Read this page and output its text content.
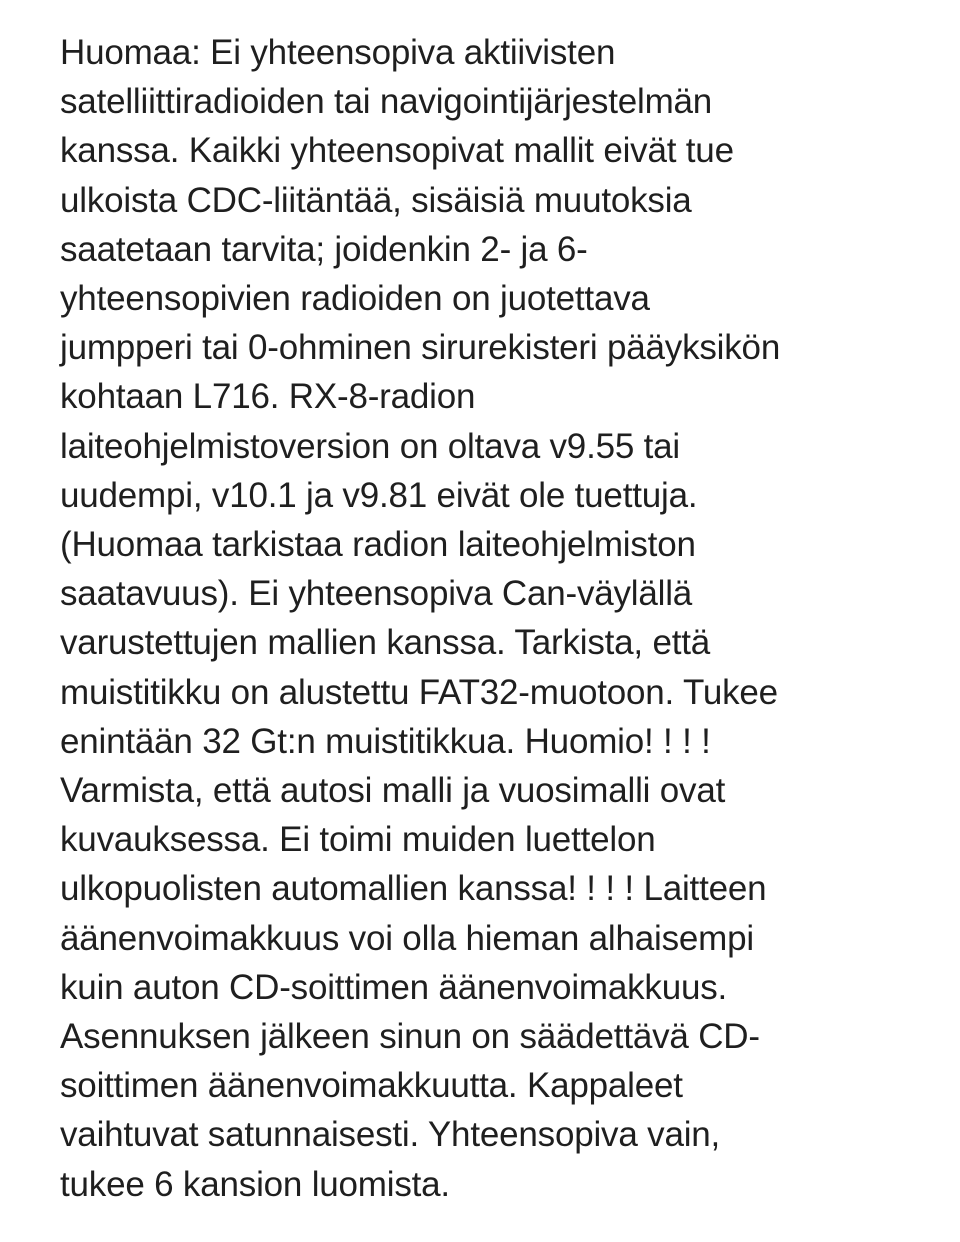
Huomaa: Ei yhteensopiva aktiivisten
satelliittiradioiden tai navigointijärjestelmän
kanssa. Kaikki yhteensopivat mallit eivät tue
ulkoista CDC-liitäntää, sisäisiä muutoksia
saatetaan tarvita; joidenkin 2- ja 6-
yhteensopivien radioiden on juotettava
jumpperi tai 0-ohminen sirurekisteri pääyksikön
kohtaan L716. RX-8-radion
laiteohjelmistoversion on oltava v9.55 tai
uudempi, v10.1 ja v9.81 eivät ole tuettuja.
(Huomaa tarkistaa radion laiteohjelmiston
saatavuus). Ei yhteensopiva Can-väylällä
varustettujen mallien kanssa. Tarkista, että
muistitikku on alustettu FAT32-muotoon. Tukee
enintään 32 Gt:n muistitikkua. Huomio! ! ! !
Varmista, että autosi malli ja vuosimalli ovat
kuvauksessa. Ei toimi muiden luettelon
ulkopuolisten automallien kanssa! ! ! ! Laitteen
äänenvoimakkuus voi olla hieman alhaisempi
kuin auton CD-soittimen äänenvoimakkuus.
Asennuksen jälkeen sinun on säädettävä CD-
soittimen äänenvoimakkuutta. Kappaleet
vaihtuvat satunnaisesti. Yhteensopiva vain,
tukee 6 kansion luomista.
